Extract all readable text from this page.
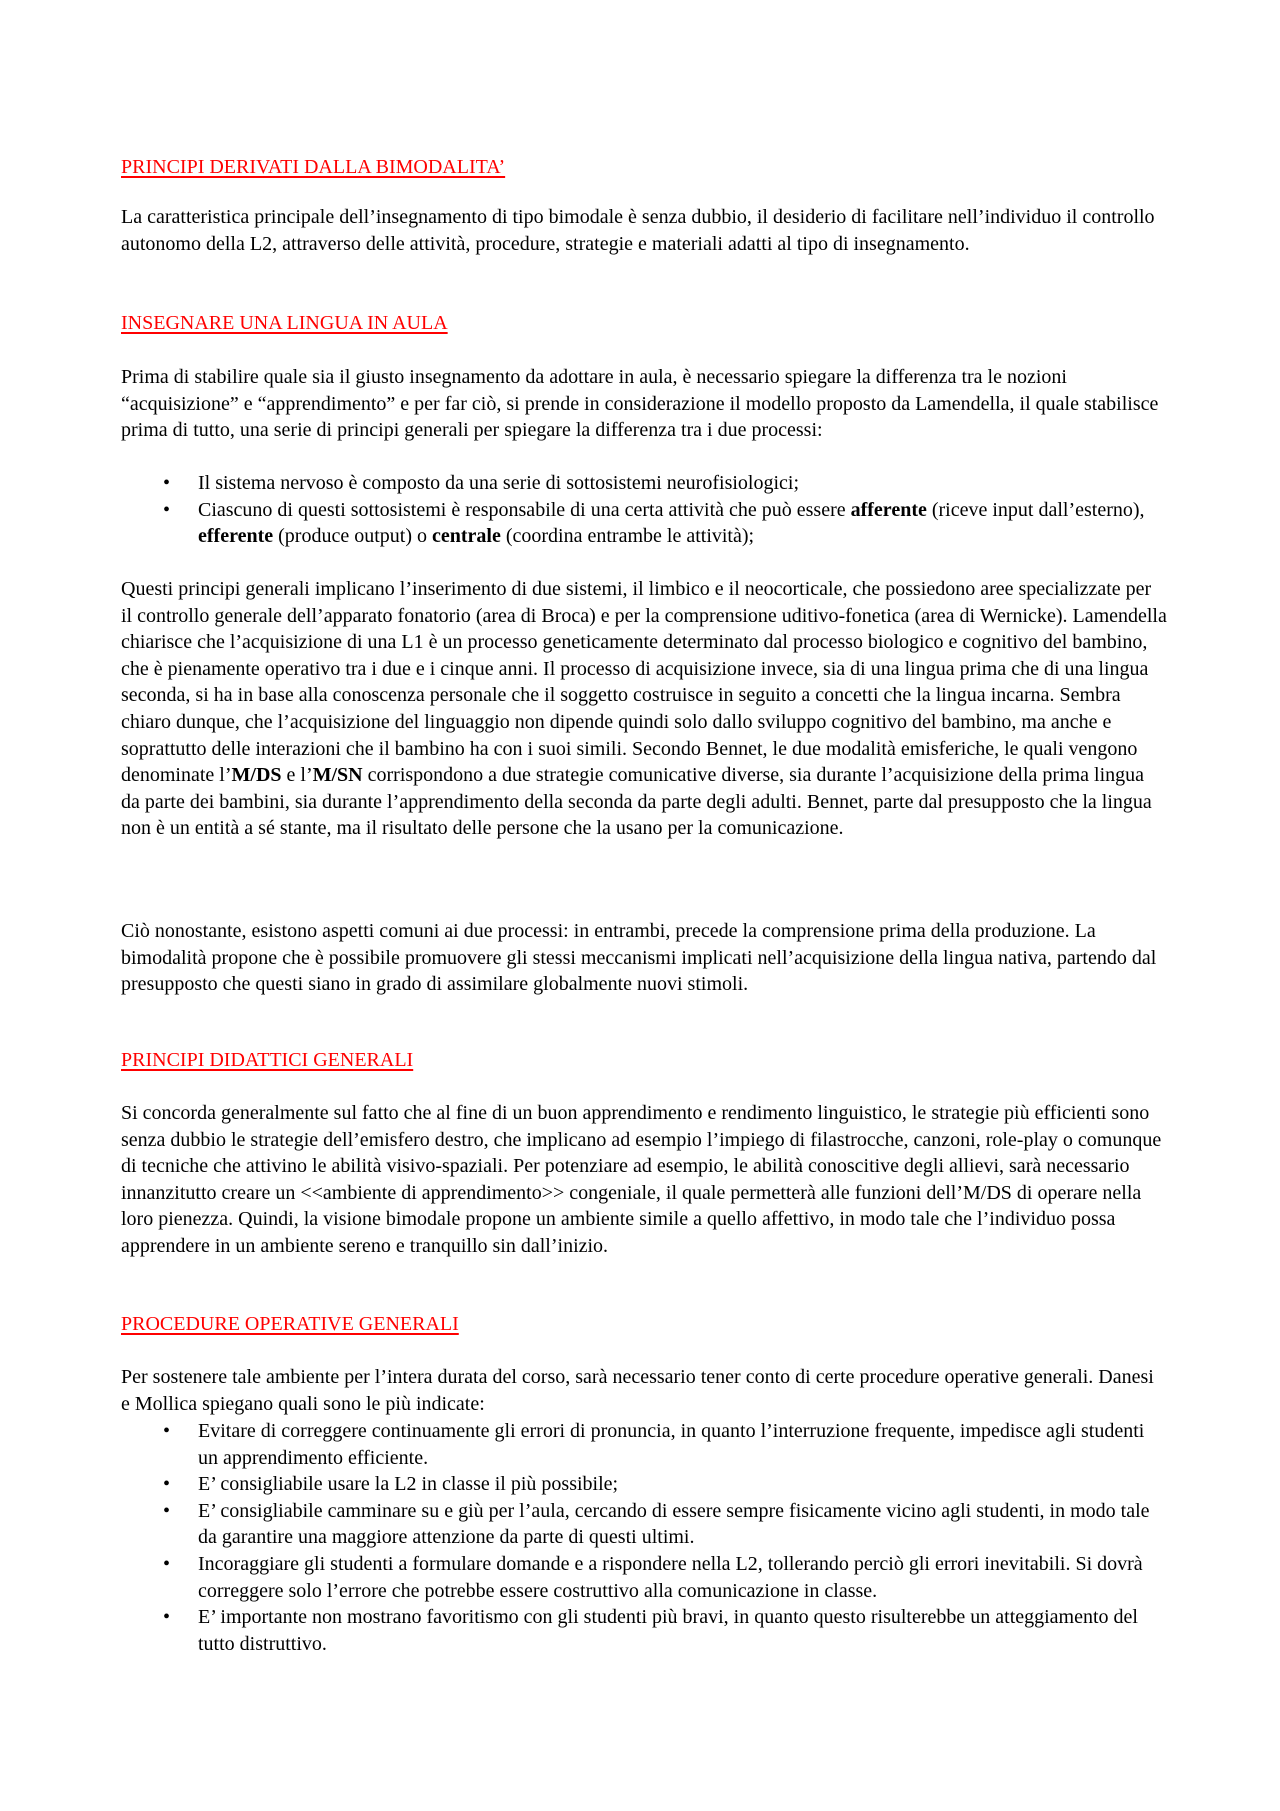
PRINCIPI DERIVATI DALLA BIMODALITA’

La caratteristica principale dell’insegnamento di tipo bimodale è senza dubbio, il desiderio di facilitare nell’individuo il controllo autonomo della L2, attraverso delle attività, procedure, strategie e materiali adatti al tipo di insegnamento.

INSEGNARE UNA LINGUA IN AULA

Prima di stabilire quale sia il giusto insegnamento da adottare in aula, è necessario spiegare la differenza tra le nozioni “acquisizione” e “apprendimento” e per far ciò, si prende in considerazione il modello proposto da Lamendella, il quale stabilisce prima di tutto, una serie di principi generali per spiegare la differenza tra i due processi:

• Il sistema nervoso è composto da una serie di sottosistemi neurofisiologici;
• Ciascuno di questi sottosistemi è responsabile di una certa attività che può essere afferente (riceve input dall’esterno), efferente (produce output) o centrale (coordina entrambe le attività);

Questi principi generali implicano l’inserimento di due sistemi, il limbico e il neocorticale, che possiedono aree specializzate per il controllo generale dell’apparato fonatorio (area di Broca) e per la comprensione uditivo-fonetica (area di Wernicke). Lamendella chiarisce che l’acquisizione di una L1 è un processo geneticamente determinato dal processo biologico e cognitivo del bambino, che è pienamente operativo tra i due e i cinque anni. Il processo di acquisizione invece, sia di una lingua prima che di una lingua seconda, si ha in base alla conoscenza personale che il soggetto costruisce in seguito a concetti che la lingua incarna. Sembra chiaro dunque, che l’acquisizione del linguaggio non dipende quindi solo dallo sviluppo cognitivo del bambino, ma anche e soprattutto delle interazioni che il bambino ha con i suoi simili. Secondo Bennet, le due modalità emisferiche, le quali vengono denominate l’M/DS e l’M/SN corrispondono a due strategie comunicative diverse, sia durante l’acquisizione della prima lingua da parte dei bambini, sia durante l’apprendimento della seconda da parte degli adulti. Bennet, parte dal presupposto che la lingua non è un entità a sé stante, ma il risultato delle persone che la usano per la comunicazione.

Ciò nonostante, esistono aspetti comuni ai due processi: in entrambi, precede la comprensione prima della produzione. La bimodalità propone che è possibile promuovere gli stessi meccanismi implicati nell’acquisizione della lingua nativa, partendo dal presupposto che questi siano in grado di assimilare globalmente nuovi stimoli.

PRINCIPI DIDATTICI GENERALI

Si concorda generalmente sul fatto che al fine di un buon apprendimento e rendimento linguistico, le strategie più efficienti sono senza dubbio le strategie dell’emisfero destro, che implicano ad esempio l’impiego di filastrocche, canzoni, role-play o comunque di tecniche che attivino le abilità visivo-spaziali. Per potenziare ad esempio, le abilità conoscitive degli allievi, sarà necessario innanzitutto creare un <<ambiente di apprendimento>> congeniale, il quale permetterà alle funzioni dell’M/DS di operare nella loro pienezza. Quindi, la visione bimodale propone un ambiente simile a quello affettivo, in modo tale che l’individuo possa apprendere in un ambiente sereno e tranquillo sin dall’inizio.

PROCEDURE OPERATIVE GENERALI

Per sostenere tale ambiente per l’intera durata del corso, sarà necessario tener conto di certe procedure operative generali. Danesi e Mollica spiegano quali sono le più indicate:

• Evitare di correggere continuamente gli errori di pronuncia, in quanto l’interruzione frequente, impedisce agli studenti un apprendimento efficiente.
• E’ consigliabile usare la L2 in classe il più possibile;
• E’ consigliabile camminare su e giù per l’aula, cercando di essere sempre fisicamente vicino agli studenti, in modo tale da garantire una maggiore attenzione da parte di questi ultimi.
• Incoraggiare gli studenti a formulare domande e a rispondere nella L2, tollerando perciò gli errori inevitabili. Si dovrà correggere solo l’errore che potrebbe essere costruttivo alla comunicazione in classe.
• E’ importante non mostrano favoritismo con gli studenti più bravi, in quanto questo risulterebbe un atteggiamento del tutto distruttivo.
